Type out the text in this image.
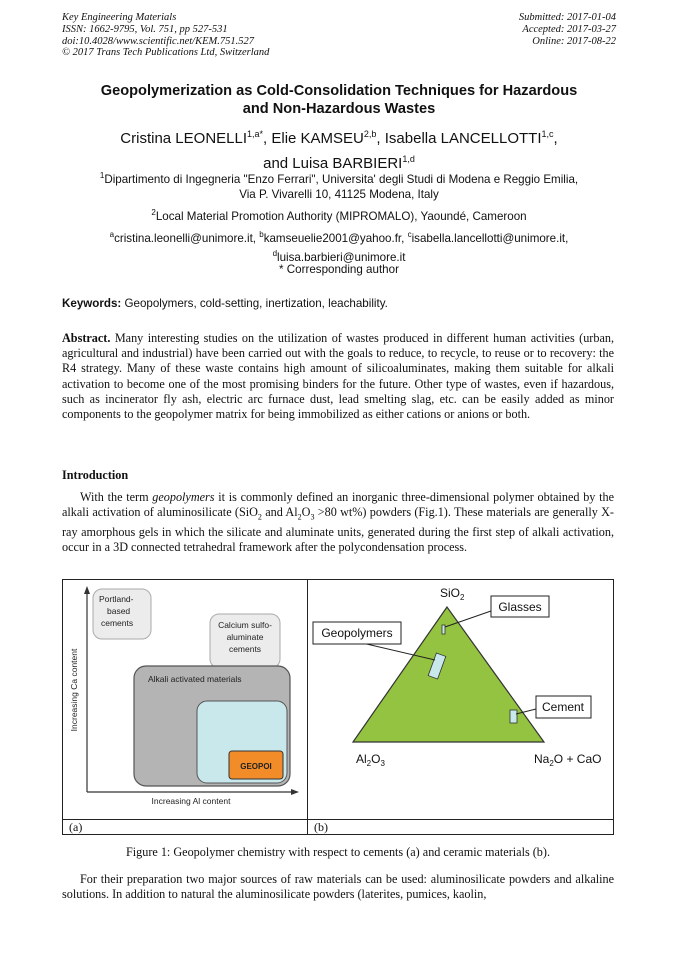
Key Engineering Materials
ISSN: 1662-9795, Vol. 751, pp 527-531
doi:10.4028/www.scientific.net/KEM.751.527
© 2017 Trans Tech Publications Ltd, Switzerland
Submitted: 2017-01-04
Accepted: 2017-03-27
Online: 2017-08-22
Geopolymerization as Cold-Consolidation Techniques for Hazardous
and Non-Hazardous Wastes
Cristina $LEONELLI^{1,a*}$, Elie KAMSEU$^{2,b}$, Isabella LANCELLOTTI$^{1,c}$,
and Luisa BARBIERI$^{1,d}$
$^1$Dipartimento di Ingegneria "Enzo Ferrari", Universita' degli Studi di Modena e Reggio Emilia,
Via P. Vivarelli 10, 41125 Modena, Italy
$^2$Local Material Promotion Authority (MIPROMALO), Yaoundé, Cameroon
$^a$cristina.leonelli@unimore.it, $^b$kamseuelie2001@yahoo.fr, $^c$isabella.lancellotti@unimore.it,
$^d$luisa.barbieri@unimore.it
* Corresponding author
Keywords: Geopolymers, cold-setting, inertization, leachability.
Abstract. Many interesting studies on the utilization of wastes produced in different human activities (urban, agricultural and industrial) have been carried out with the goals to reduce, to recycle, to reuse or to recovery: the R4 strategy. Many of these waste contains high amount of silicoaluminates, making them suitable for alkali activation to become one of the most promising binders for the future. Other type of wastes, even if hazardous, such as incinerator fly ash, electric arc furnace dust, lead smelting slag, etc. can be easily added as minor components to the geopolymer matrix for being immobilized as either cations or anions or both.
Introduction
With the term geopolymers it is commonly defined an inorganic three-dimensional polymer obtained by the alkali activation of aluminosilicate (SiO$_2$ and $Al_2O_3 >80$ wt%) powders (Fig.1). These materials are generally X-ray amorphous gels in which the silicate and aluminate units, generated during the first step of alkali activation, occur in a 3D connected tetrahedral framework after the polycondensation process.
Portland-
based
cements	Calcium sulfo-
aluminate
cements
Alkali activated materials
GEOPOI
Increasing Al content
Increasing Ca content
Glasses
Geopolymers
Cement
SiO$_2$
$Al_2O_3$	$Na_2O$ + CaO
(a)	(b)
Figure 1: Geopolymer chemistry with respect to cements (a) and ceramic materials (b).
For their preparation two major sources of raw materials can be used: aluminosilicate powders and alkaline solutions. In addition to natural the aluminosilicate powders (laterites, pumices, kaolin,
